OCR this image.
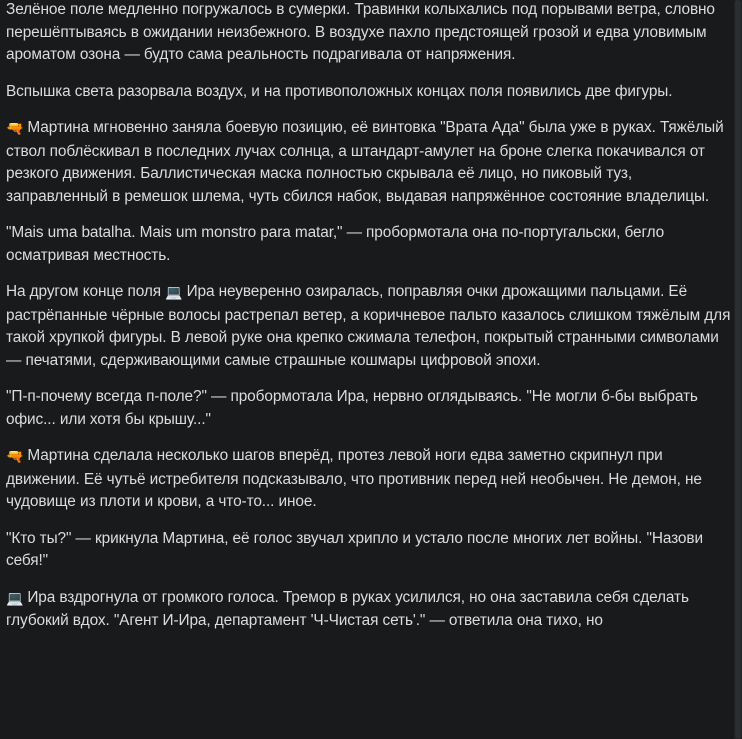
Зелёное поле медленно погружалось в сумерки. Травинки колыхались под порывами ветра, словно перешёптываясь в ожидании неизбежного. В воздухе пахло предстоящей грозой и едва уловимым ароматом озона — будто сама реальность подрагивала от напряжения.

Вспышка света разорвала воздух, и на противоположных концах поля появились две фигуры.

🔫 Мартина мгновенно заняла боевую позицию, её винтовка "Врата Ада" была уже в руках. Тяжёлый ствол поблёскивал в последних лучах солнца, а штандарт-амулет на броне слегка покачивался от резкого движения. Баллистическая маска полностью скрывала её лицо, но пиковый туз, заправленный в ремешок шлема, чуть сбился набок, выдавая напряжённое состояние владелицы.

"Mais uma batalha. Mais um monstro para matar," — пробормотала она по-португальски, бегло осматривая местность.

На другом конце поля 💻 Ира неуверенно озиралась, поправляя очки дрожащими пальцами. Её растрёпанные чёрные волосы растрепал ветер, а коричневое пальто казалось слишком тяжёлым для такой хрупкой фигуры. В левой руке она крепко сжимала телефон, покрытый странными символами — печатями, сдерживающими самые страшные кошмары цифровой эпохи.

"П-п-почему всегда п-поле?" — пробормотала Ира, нервно оглядываясь. "Не могли б-бы выбрать офис... или хотя бы крышу..."

🔫 Мартина сделала несколько шагов вперёд, протез левой ноги едва заметно скрипнул при движении. Её чутьё истребителя подсказывало, что противник перед ней необычен. Не демон, не чудовище из плоти и крови, а что-то... иное.

"Кто ты?" — крикнула Мартина, её голос звучал хрипло и устало после многих лет войны. "Назови себя!"

💻 Ира вздрогнула от громкого голоса. Тремор в руках усилился, но она заставила себя сделать глубокий вдох. "Агент И-Ира, департамент 'Ч-Чистая сеть'." — ответила она тихо, но
